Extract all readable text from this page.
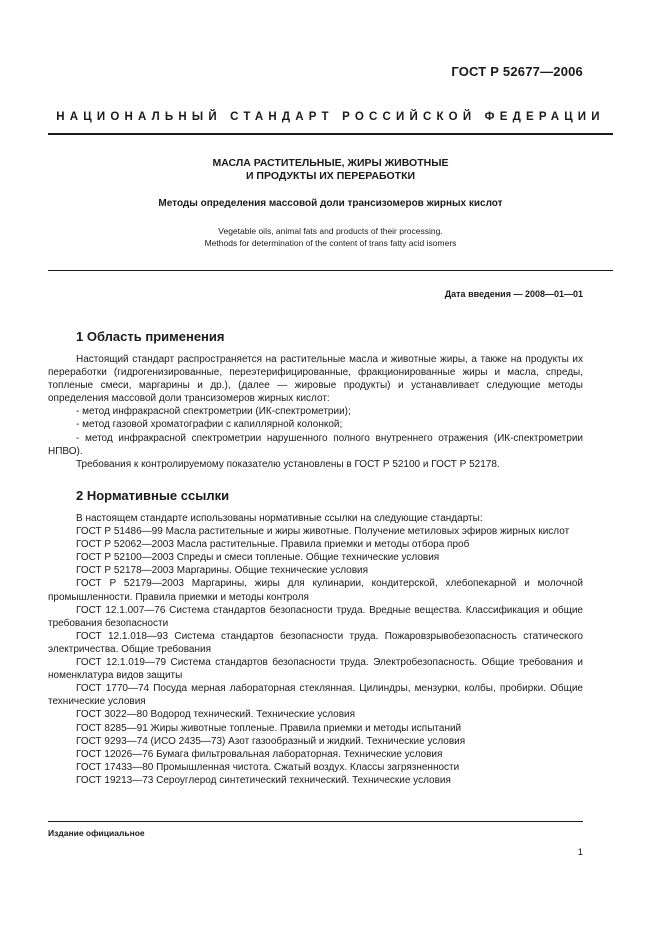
ГОСТ Р 52677—2006
НАЦИОНАЛЬНЫЙ СТАНДАРТ РОССИЙСКОЙ ФЕДЕРАЦИИ
МАСЛА РАСТИТЕЛЬНЫЕ, ЖИРЫ ЖИВОТНЫЕ
И ПРОДУКТЫ ИХ ПЕРЕРАБОТКИ
Методы определения массовой доли трансизомеров жирных кислот
Vegetable oils, animal fats and products of their processing.
Methods for determination of the content of trans fatty acid isomers
Дата введения — 2008—01—01
1 Область применения

Настоящий стандарт распространяется на растительные масла и животные жиры, а также на продукты их переработки (гидрогенизированные, переэтерифицированные, фракционированные жиры и масла, спреды, топленые смеси, маргарины и др.), (далее — жировые продукты) и устанавливает следующие методы определения массовой доли трансизомеров жирных кислот:

- метод инфракрасной спектрометрии (ИК-спектрометрии);

- метод газовой хроматографии с капиллярной колонкой;

- метод инфракрасной спектрометрии нарушенного полного внутреннего отражения (ИК-спектрометрии НПВО).

Требования к контролируемому показателю установлены в ГОСТ Р 52100 и ГОСТ Р 52178.

2 Нормативные ссылки

В настоящем стандарте использованы нормативные ссылки на следующие стандарты:

ГОСТ Р 51486—99 Масла растительные и жиры животные. Получение метиловых эфиров жирных кислот

ГОСТ Р 52062—2003 Масла растительные. Правила приемки и методы отбора проб

ГОСТ Р 52100—2003 Спреды и смеси топленые. Общие технические условия

ГОСТ Р 52178—2003 Маргарины. Общие технические условия

ГОСТ Р 52179—2003 Маргарины, жиры для кулинарии, кондитерской, хлебопекарной и молочной промышленности. Правила приемки и методы контроля

ГОСТ 12.1.007—76 Система стандартов безопасности труда. Вредные вещества. Классификация и общие требования безопасности

ГОСТ 12.1.018—93 Система стандартов безопасности труда. Пожаровзрывобезопасность статического электричества. Общие требования

ГОСТ 12.1.019—79 Система стандартов безопасности труда. Электробезопасность. Общие требования и номенклатура видов защиты

ГОСТ 1770—74 Посуда мерная лабораторная стеклянная. Цилиндры, мензурки, колбы, пробирки. Общие технические условия

ГОСТ 3022—80 Водород технический. Технические условия

ГОСТ 8285—91 Жиры животные топленые. Правила приемки и методы испытаний

ГОСТ 9293—74 (ИСО 2435—73) Азот газообразный и жидкий. Технические условия

ГОСТ 12026—76 Бумага фильтровальная лабораторная. Технические условия

ГОСТ 17433—80 Промышленная чистота. Сжатый воздух. Классы загрязненности

ГОСТ 19213—73 Сероуглерод синтетический технический. Технические условия

Издание официальное
1
